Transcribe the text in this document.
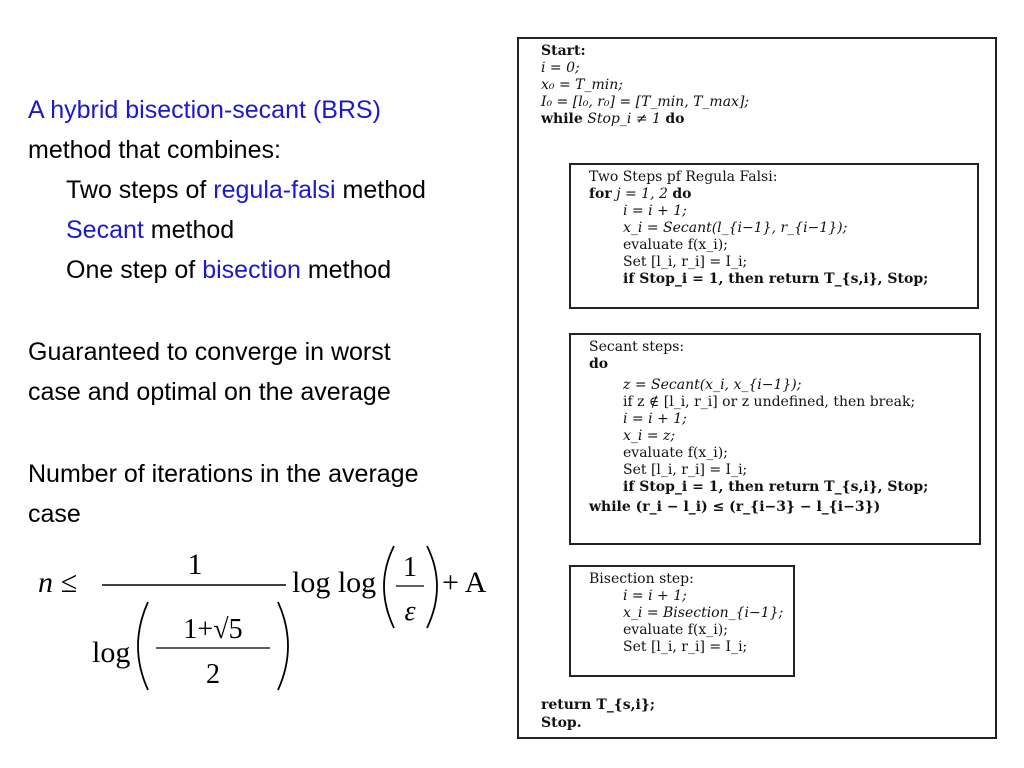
A hybrid bisection-secant (BRS)
method that combines:
Two steps of regula-falsi method
Secant method
One step of bisection method
Guaranteed to converge in worst
case and optimal on the average
Number of iterations in the average
case
n ≤
1
log
1+√5
2
log log 1
ε
+ A
Start:
i = 0;
x₀ = T_min;
I₀ = [l₀, r₀] = [T_min, T_max];
while Stop_i ≠ 1 do
Two Steps pf Regula Falsi:
for j = 1, 2 do
i = i + 1;
x_i = Secant(l_{i−1}, r_{i−1});
evaluate f(x_i);
Set [l_i, r_i] = I_i;
if Stop_i = 1, then return T_{s,i}, Stop;
Secant steps:
do
z = Secant(x_i, x_{i−1});
if z ∉ [l_i, r_i] or z undefined, then break;
i = i + 1;
x_i = z;
evaluate f(x_i);
Set [l_i, r_i] = I_i;
if Stop_i = 1, then return T_{s,i}, Stop;
while (r_i − l_i) ≤ (r_{i−3} − l_{i−3})
Bisection step:
i = i + 1;
x_i = Bisection_{i−1};
evaluate f(x_i);
Set [l_i, r_i] = I_i;
return T_{s,i};
Stop.
